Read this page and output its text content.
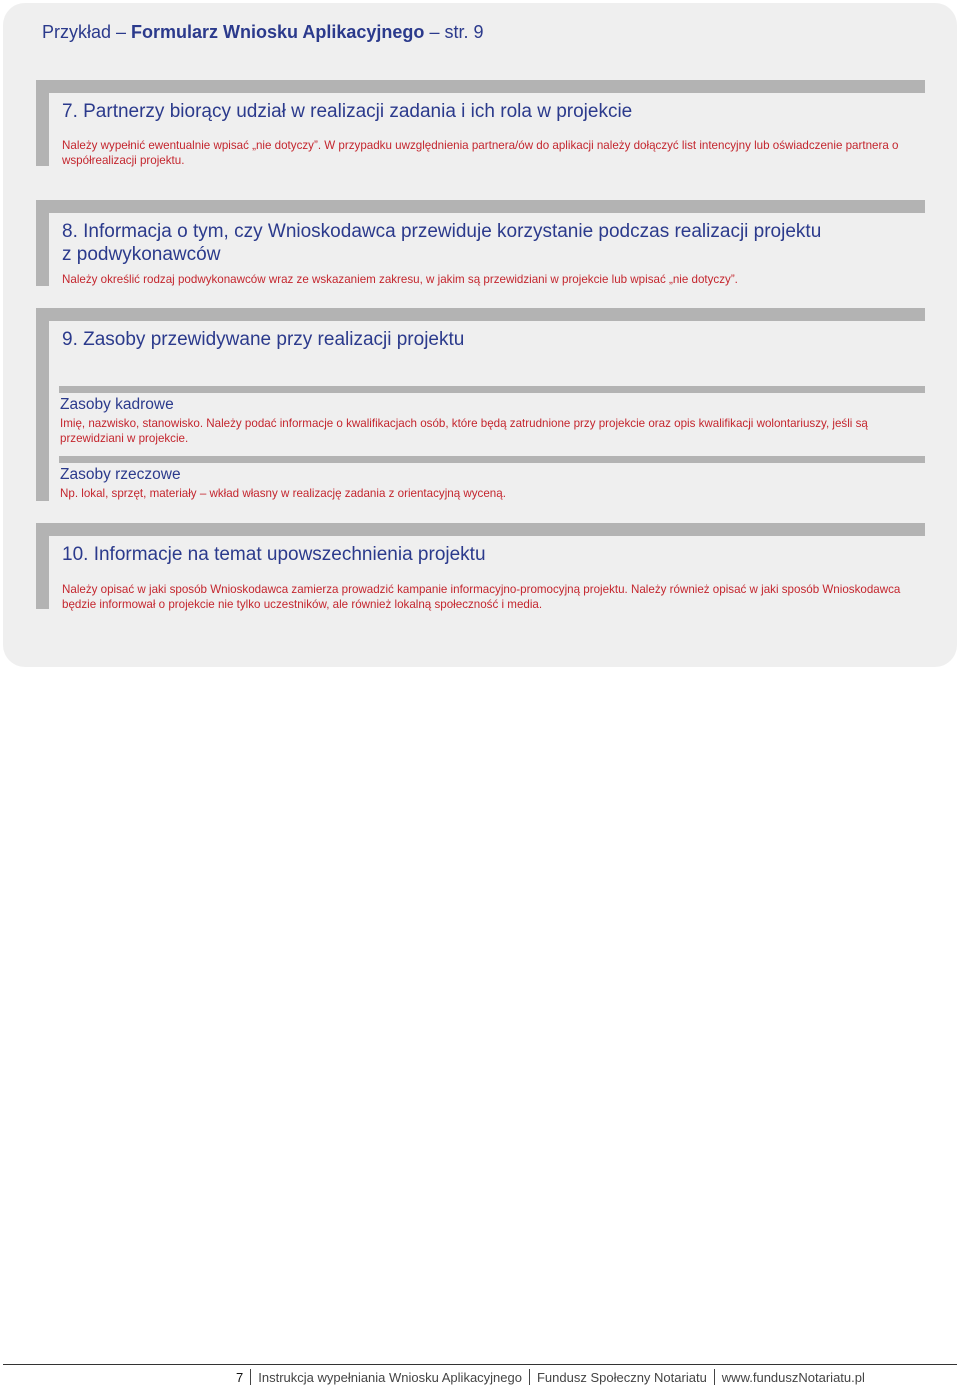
Przykład – Formularz Wniosku Aplikacyjnego – str. 9
7. Partnerzy biorący udział w realizacji zadania i ich rola w projekcie
Należy wypełnić ewentualnie wpisać „nie dotyczy”. W przypadku uwzględnienia partnera/ów do aplikacji należy dołączyć list intencyjny lub oświadczenie partnera o współrealizacji projektu.
8. Informacja o tym, czy Wnioskodawca przewiduje korzystanie podczas realizacji projektu
z podwykonawców
Należy określić rodzaj podwykonawców wraz ze wskazaniem zakresu, w jakim są przewidziani w projekcie lub wpisać „nie dotyczy”.
9. Zasoby przewidywane przy realizacji projektu
Zasoby kadrowe
Imię, nazwisko, stanowisko. Należy podać informacje o kwalifikacjach osób, które będą zatrudnione przy projekcie oraz opis kwalifikacji wolontariuszy, jeśli są przewidziani w projekcie.
Zasoby rzeczowe
Np. lokal, sprzęt, materiały – wkład własny w realizację zadania z orientacyjną wyceną.
10. Informacje na temat upowszechnienia projektu
Należy opisać w jaki sposób Wnioskodawca zamierza prowadzić kampanie informacyjno-promocyjną projektu. Należy również opisać w jaki sposób Wnioskodawca będzie informował o projekcie nie tylko uczestników, ale również lokalną społeczność i media.
7 Instrukcja wypełniania Wniosku Aplikacyjnego Fundusz Społeczny Notariatu www.funduszNotariatu.pl
